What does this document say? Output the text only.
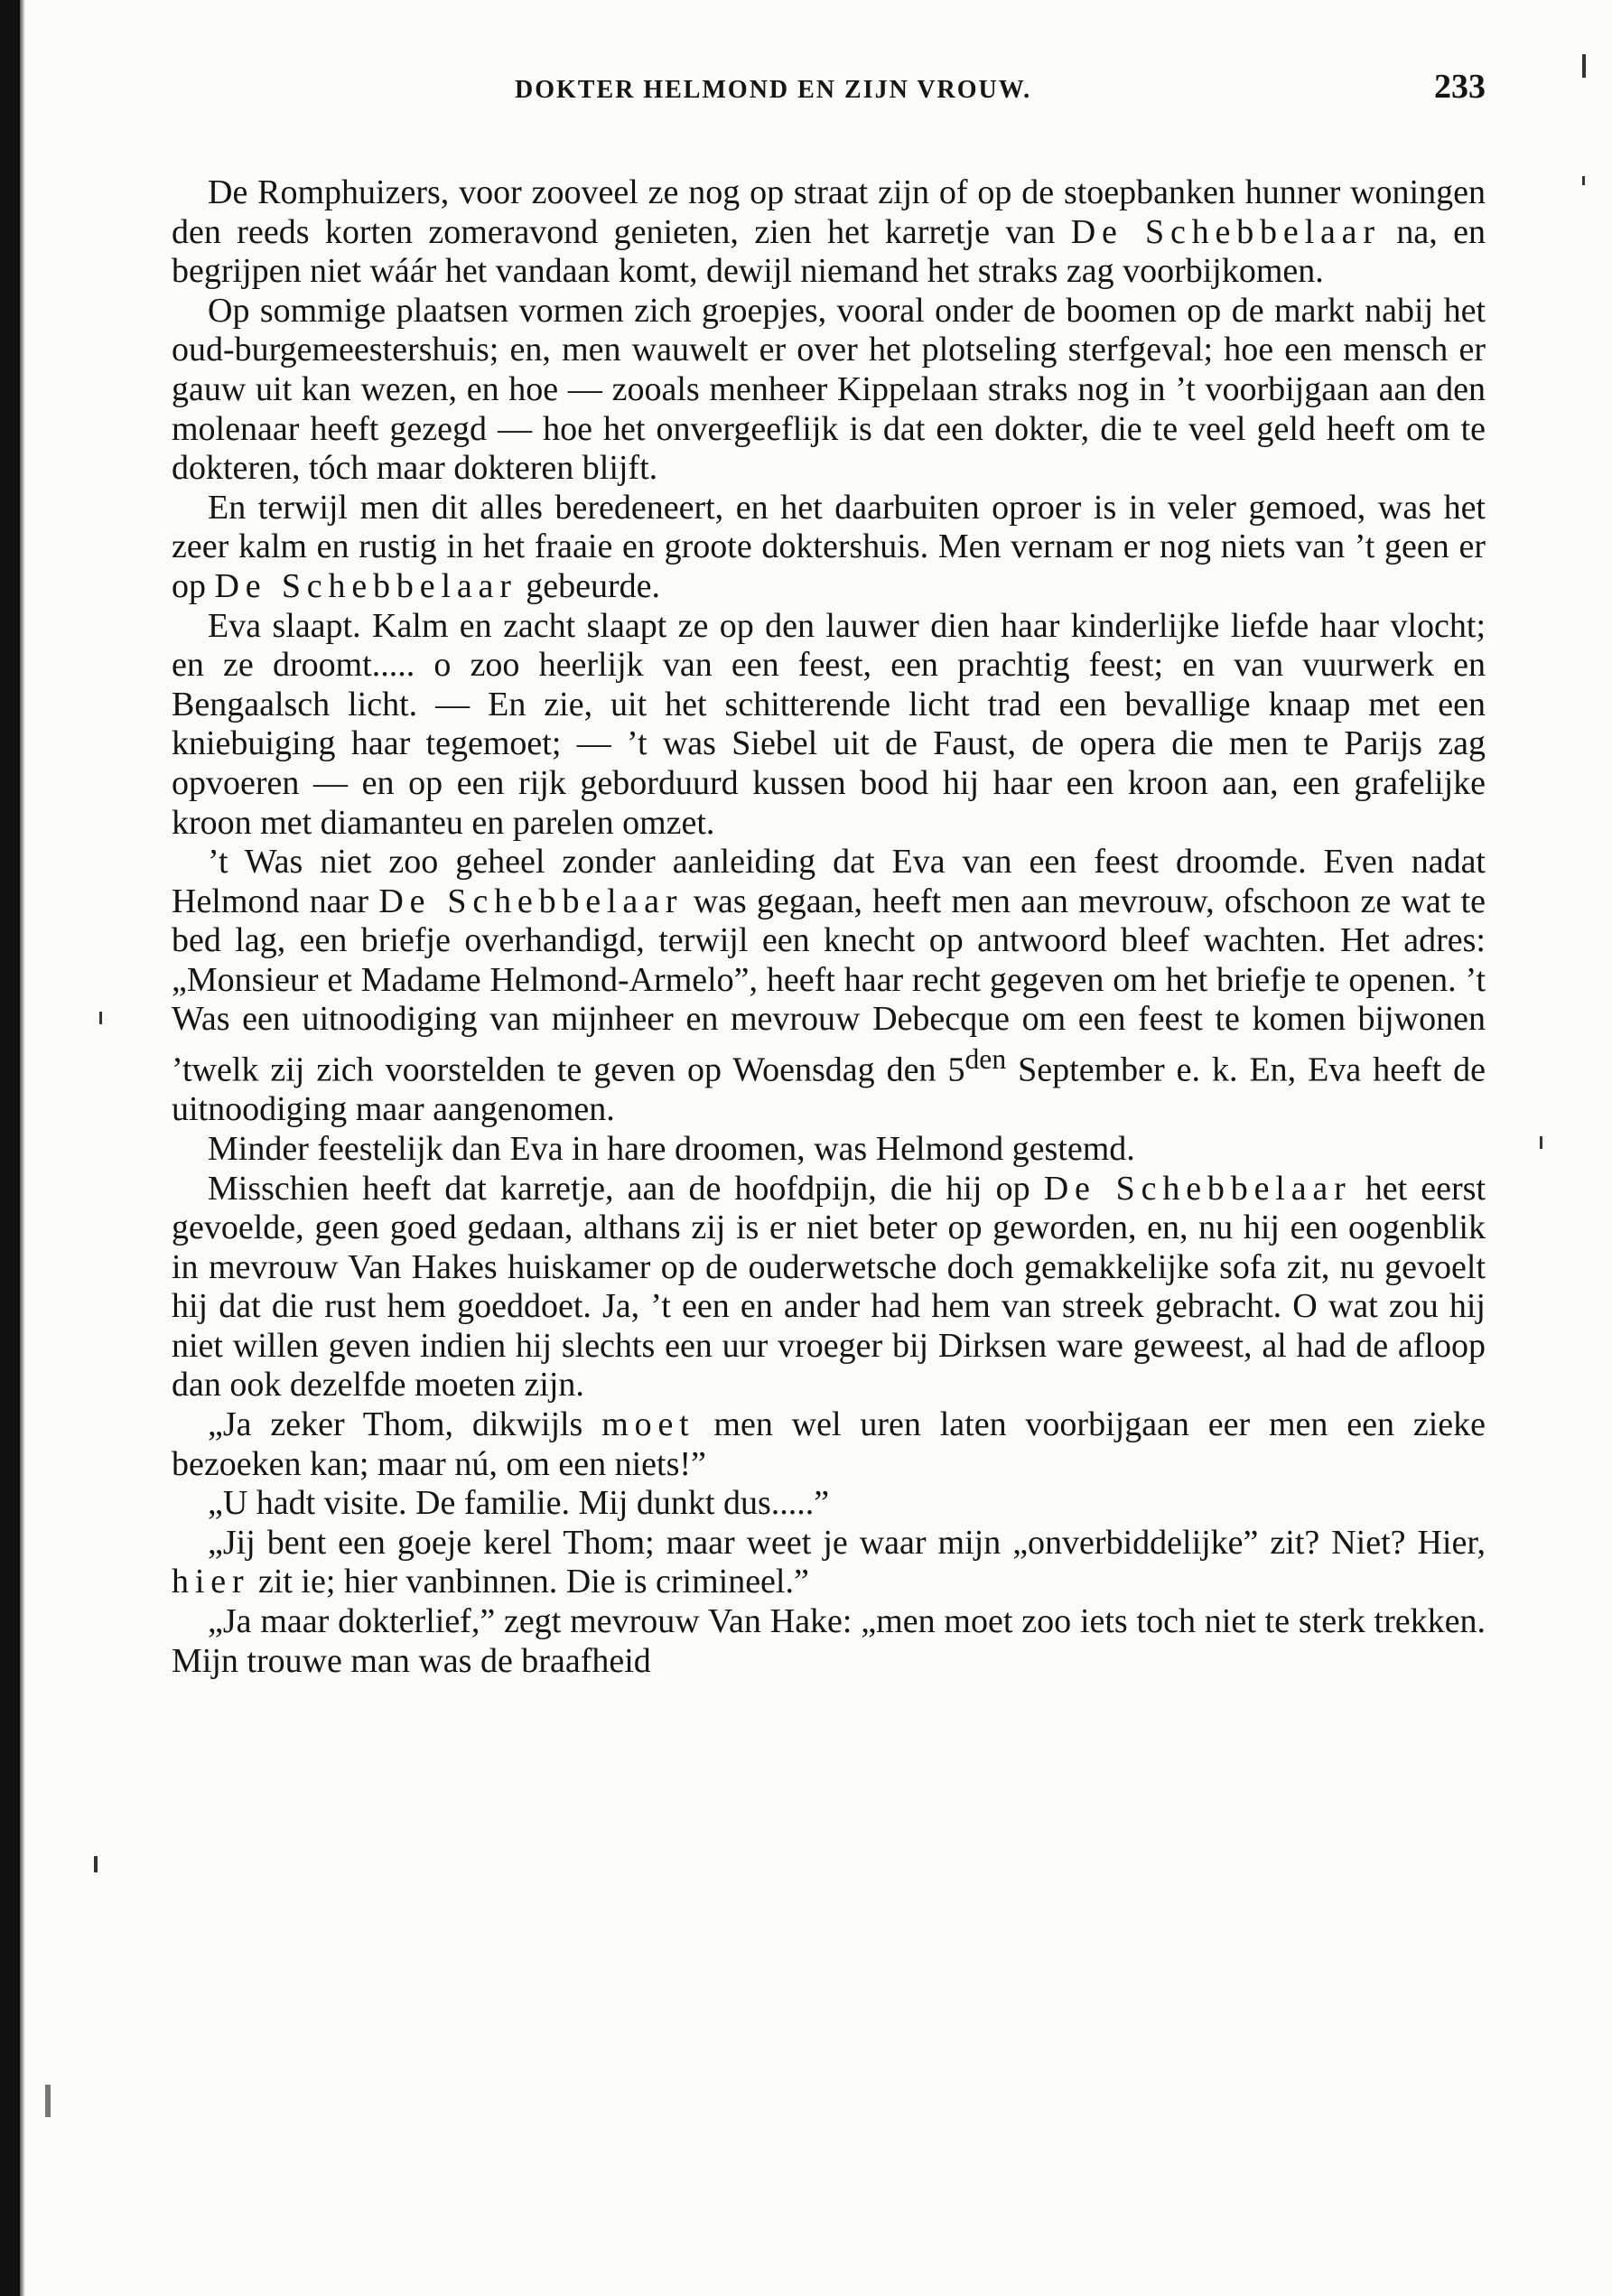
DOKTER HELMOND EN ZIJN VROUW.	233

De Romphuizers, voor zooveel ze nog op straat zijn of op de stoepbanken hunner woningen den reeds korten zomeravond genieten, zien het karretje van De Schebbelaar na, en begrijpen niet wáár het vandaan komt, dewijl niemand het straks zag voorbijkomen.

Op sommige plaatsen vormen zich groepjes, vooral onder de boomen op de markt nabij het oud-burgemeestershuis; en, men wauwelt er over het plotseling sterfgeval; hoe een mensch er gauw uit kan wezen, en hoe — zooals menheer Kippelaan straks nog in ’t voorbijgaan aan den molenaar heeft gezegd — hoe het onvergeeflijk is dat een dokter, die te veel geld heeft om te dokteren, tóch maar dokteren blijft.

En terwijl men dit alles beredeneert, en het daarbuiten oproer is in veler gemoed, was het zeer kalm en rustig in het fraaie en groote doktershuis. Men vernam er nog niets van ’t geen er op De Schebbelaar gebeurde.

Eva slaapt. Kalm en zacht slaapt ze op den lauwer dien haar kinderlijke liefde haar vlocht; en ze droomt..... o zoo heerlijk van een feest, een prachtig feest; en van vuurwerk en Bengaalsch licht. — En zie, uit het schitterende licht trad een bevallige knaap met een kniebuiging haar tegemoet; — ’t was Siebel uit de Faust, de opera die men te Parijs zag opvoeren — en op een rijk geborduurd kussen bood hij haar een kroon aan, een grafelijke kroon met diamanteu en parelen omzet.

’t Was niet zoo geheel zonder aanleiding dat Eva van een feest droomde. Even nadat Helmond naar De Schebbelaar was gegaan, heeft men aan mevrouw, ofschoon ze wat te bed lag, een briefje overhandigd, terwijl een knecht op antwoord bleef wachten. Het adres: „Monsieur et Madame Helmond-Armelo”, heeft haar recht gegeven om het briefje te openen. ’t Was een uitnoodiging van mijnheer en mevrouw Debecque om een feest te komen bijwonen ’twelk zij zich voorstelden te geven op Woensdag den $5^{den}$ September e. k. En, Eva heeft de uitnoodiging maar aangenomen.

Minder feestelijk dan Eva in hare droomen, was Helmond gestemd.

Misschien heeft dat karretje, aan de hoofdpijn, die hij op De Schebbelaar het eerst gevoelde, geen goed gedaan, althans zij is er niet beter op geworden, en, nu hij een oogenblik in mevrouw Van Hakes huiskamer op de ouderwetsche doch gemakkelijke sofa zit, nu gevoelt hij dat die rust hem goeddoet. Ja, ’t een en ander had hem van streek gebracht. O wat zou hij niet willen geven indien hij slechts een uur vroeger bij Dirksen ware geweest, al had de afloop dan ook dezelfde moeten zijn.

„Ja zeker Thom, dikwijls moet men wel uren laten voorbijgaan eer men een zieke bezoeken kan; maar nú, om een niets!”

„U hadt visite. De familie. Mij dunkt dus.....”

„Jij bent een goeje kerel Thom; maar weet je waar mijn „onverbiddelijke” zit? Niet? Hier, hier zit ie; hier vanbinnen. Die is crimineel.”

„Ja maar dokterlief,” zegt mevrouw Van Hake: „men moet zoo iets toch niet te sterk trekken. Mijn trouwe man was de braafheid
